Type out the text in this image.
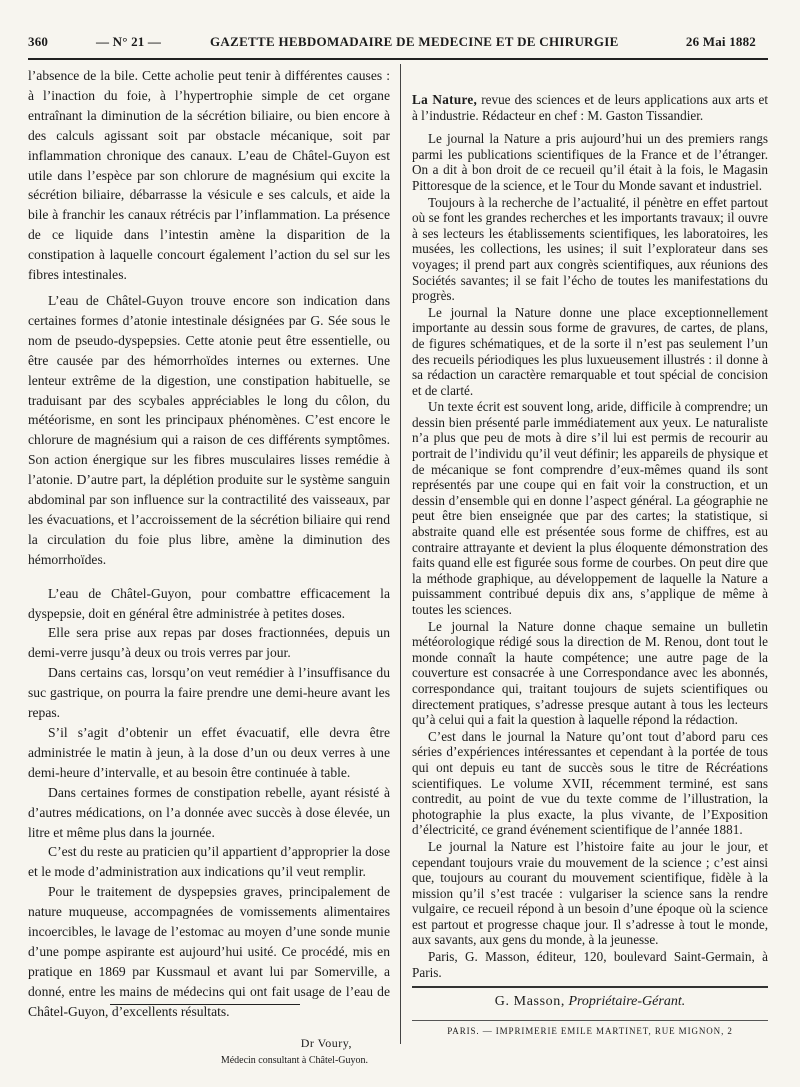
360	— N° 21 —	GAZETTE HEBDOMADAIRE DE MEDECINE ET DE CHIRURGIE	26 Mai 1882

l’absence de la bile. Cette acholie peut tenir à différentes causes : à l’inaction du foie, à l’hypertrophie simple de cet organe entraînant la diminution de la sécrétion biliaire, ou bien encore à des calculs agissant soit par obstacle mécanique, soit par inflammation chronique des canaux. L’eau de Châtel-Guyon est utile dans l’espèce par son chlorure de magnésium qui excite la sécrétion biliaire, débarrasse la vésicule e ses calculs, et aide la bile à franchir les canaux rétrécis par l’inflammation. La présence de ce liquide dans l’intestin amène la disparition de la constipation à laquelle concourt également l’action du sel sur les fibres intestinales.

L’eau de Châtel-Guyon trouve encore son indication dans certaines formes d’atonie intestinale désignées par G. Sée sous le nom de pseudo-dyspepsies. Cette atonie peut être essentielle, ou être causée par des hémorrhoïdes internes ou externes. Une lenteur extrême de la digestion, une constipation habituelle, se traduisant par des scybales appréciables le long du côlon, du météorisme, en sont les principaux phénomènes. C’est encore le chlorure de magnésium qui a raison de ces différents symptômes. Son action énergique sur les fibres musculaires lisses remédie à l’atonie. D’autre part, la déplétion produite sur le système sanguin abdominal par son influence sur la contractilité des vaisseaux, par les évacuations, et l’accroissement de la sécrétion biliaire qui rend la circulation du foie plus libre, amène la diminution des hémorrhoïdes.

L’eau de Châtel-Guyon, pour combattre efficacement la dyspepsie, doit en général être administrée à petites doses.

Elle sera prise aux repas par doses fractionnées, depuis un demi-verre jusqu’à deux ou trois verres par jour.

Dans certains cas, lorsqu’on veut remédier à l’insuffisance du suc gastrique, on pourra la faire prendre une demi-heure avant les repas.

S’il s’agit d’obtenir un effet évacuatif, elle devra être administrée le matin à jeun, à la dose d’un ou deux verres à une demi-heure d’intervalle, et au besoin être continuée à table.

Dans certaines formes de constipation rebelle, ayant résisté à d’autres médications, on l’a donnée avec succès à dose élevée, un litre et même plus dans la journée.

C’est du reste au praticien qu’il appartient d’approprier la dose et le mode d’administration aux indications qu’il veut remplir.

Pour le traitement de dyspepsies graves, principalement de nature muqueuse, accompagnées de vomissements alimentaires incoercibles, le lavage de l’estomac au moyen d’une sonde munie d’une pompe aspirante est aujourd’hui usité. Ce procédé, mis en pratique en 1869 par Kussmaul et avant lui par Somerville, a donné, entre les mains de médecins qui ont fait usage de l’eau de Châtel-Guyon, d’excellents résultats.

Dr Voury,
Médecin consultant à Châtel-Guyon.

La Nature, revue des sciences et de leurs applications aux arts et à l’industrie. Rédacteur en chef : M. Gaston Tissandier.

Le journal la Nature a pris aujourd’hui un des premiers rangs parmi les publications scientifiques de la France et de l’étranger. On a dit à bon droit de ce recueil qu’il était à la fois, le Magasin Pittoresque de la science, et le Tour du Monde savant et industriel.

Toujours à la recherche de l’actualité, il pénètre en effet partout où se font les grandes recherches et les importants travaux; il ouvre à ses lecteurs les établissements scientifiques, les laboratoires, les musées, les collections, les usines; il suit l’explorateur dans ses voyages; il prend part aux congrès scientifiques, aux réunions des Sociétés savantes; il se fait l’écho de toutes les manifestations du progrès.

Le journal la Nature donne une place exceptionnellement importante au dessin sous forme de gravures, de cartes, de plans, de figures schématiques, et de la sorte il n’est pas seulement l’un des recueils périodiques les plus luxueusement illustrés : il donne à sa rédaction un caractère remarquable et tout spécial de concision et de clarté.

Un texte écrit est souvent long, aride, difficile à comprendre; un dessin bien présenté parle immédiatement aux yeux. Le naturaliste n’a plus que peu de mots à dire s’il lui est permis de recourir au portrait de l’individu qu’il veut définir; les appareils de physique et de mécanique se font comprendre d’eux-mêmes quand ils sont représentés par une coupe qui en fait voir la construction, et un dessin d’ensemble qui en donne l’aspect général. La géographie ne peut être bien enseignée que par des cartes; la statistique, si abstraite quand elle est présentée sous forme de chiffres, est au contraire attrayante et devient la plus éloquente démonstration des faits quand elle est figurée sous forme de courbes. On peut dire que la méthode graphique, au développement de laquelle la Nature a puissamment contribué depuis dix ans, s’applique de même à toutes les sciences.

Le journal la Nature donne chaque semaine un bulletin météorologique rédigé sous la direction de M. Renou, dont tout le monde connaît la haute compétence; une autre page de la couverture est consacrée à une Correspondance avec les abonnés, correspondance qui, traitant toujours de sujets scientifiques ou directement pratiques, s’adresse presque autant à tous les lecteurs qu’à celui qui a fait la question à laquelle répond la rédaction.

C’est dans le journal la Nature qu’ont tout d’abord paru ces séries d’expériences intéressantes et cependant à la portée de tous qui ont depuis eu tant de succès sous le titre de Récréations scientifiques. Le volume XVII, récemment terminé, est sans contredit, au point de vue du texte comme de l’illustration, la photographie la plus exacte, la plus vivante, de l’Exposition d’électricité, ce grand événement scientifique de l’année 1881.

Le journal la Nature est l’histoire faite au jour le jour, et cependant toujours vraie du mouvement de la science ; c’est ainsi que, toujours au courant du mouvement scientifique, fidèle à la mission qu’il s’est tracée : vulgariser la science sans la rendre vulgaire, ce recueil répond à un besoin d’une époque où la science est partout et progresse chaque jour. Il s’adresse à tout le monde, aux savants, aux gens du monde, à la jeunesse.

Paris, G. Masson, éditeur, 120, boulevard Saint-Germain, à Paris.

G. Masson, Propriétaire-Gérant.
PARIS. — IMPRIMERIE EMILE MARTINET, RUE MIGNON, 2
